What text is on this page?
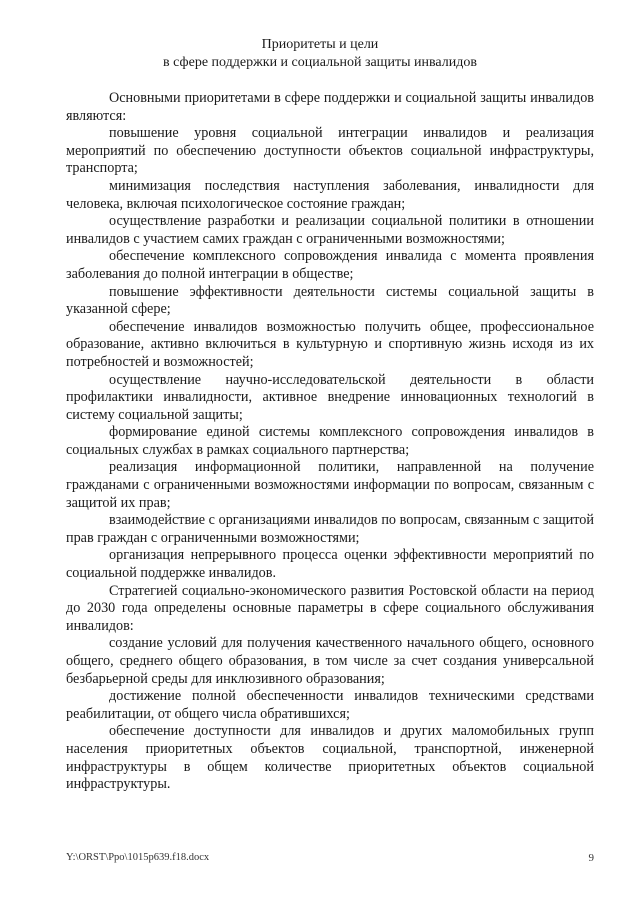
Приоритеты и цели
в сфере поддержки и социальной защиты инвалидов

Основными приоритетами в сфере поддержки и социальной защиты инвалидов являются:

повышение уровня социальной интеграции инвалидов и реализация мероприятий по обеспечению доступности объектов социальной инфраструктуры, транспорта;

минимизация последствия наступления заболевания, инвалидности для человека, включая психологическое состояние граждан;

осуществление разработки и реализации социальной политики в отношении инвалидов с участием самих граждан с ограниченными возможностями;

обеспечение комплексного сопровождения инвалида с момента проявления заболевания до полной интеграции в обществе;

повышение эффективности деятельности системы социальной защиты в указанной сфере;

обеспечение инвалидов возможностью получить общее, профессиональное образование, активно включиться в культурную и спортивную жизнь исходя из их потребностей и возможностей;

осуществление научно-исследовательской деятельности в области профилактики инвалидности, активное внедрение инновационных технологий в систему социальной защиты;

формирование единой системы комплексного сопровождения инвалидов в социальных службах в рамках социального партнерства;

реализация информационной политики, направленной на получение гражданами с ограниченными возможностями информации по вопросам, связанным с защитой их прав;

взаимодействие с организациями инвалидов по вопросам, связанным с защитой прав граждан с ограниченными возможностями;

организация непрерывного процесса оценки эффективности мероприятий по социальной поддержке инвалидов.

Стратегией социально-экономического развития Ростовской области на период до 2030 года определены основные параметры в сфере социального обслуживания инвалидов:

создание условий для получения качественного начального общего, основного общего, среднего общего образования, в том числе за счет создания универсальной безбарьерной среды для инклюзивного образования;

достижение полной обеспеченности инвалидов техническими средствами реабилитации, от общего числа обратившихся;

обеспечение доступности для инвалидов и других маломобильных групп населения приоритетных объектов социальной, транспортной, инженерной инфраструктуры в общем количестве приоритетных объектов социальной инфраструктуры.

Y:\ORST\Ppo\1015p639.f18.docx	9
